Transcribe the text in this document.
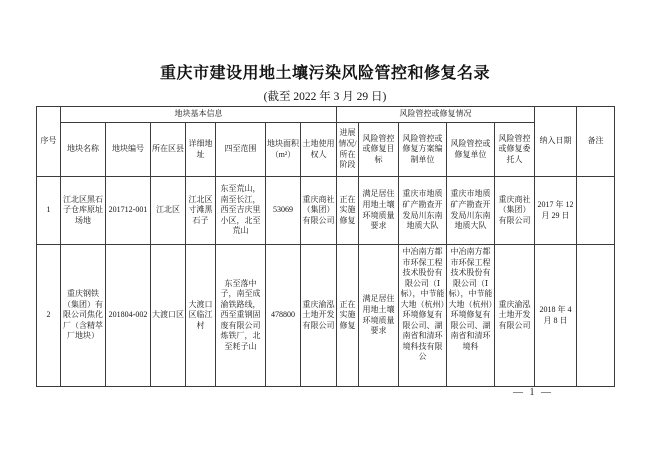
重庆市建设用地土壤污染风险管控和修复名录
(截至 2022 年 3 月 29 日)
序号	地块基本信息							风险管控或修复情况					纳入日期	备注
	地块名称	地块编号	所在区县	详细地址	四至范围	地块面积（m²）	土地使用权人	进展情况/所在阶段	风险管控或修复目标	风险管控或修复方案编制单位	风险管控或修复单位	风险管控或修复委托人		
1	江北区黑石子仓库原址场地	201712-001	江北区	江北区寸滩黑石子	东至荒山，南至长江，西至吉庆里小区，北至荒山	53069	重庆商社（集团）有限公司	正在实施修复	满足居住用地土壤环境质量要求	重庆市地质矿产勘查开发局川东南地质大队	重庆市地质矿产勘查开发局川东南地质大队	重庆商社（集团）有限公司	2017 年 12 月 29 日	
2	重庆钢铁（集团）有限公司焦化厂（含精萃厂地块）	201804-002	大渡口区	大渡口区临江村	东至落中子，南至成渝铁路线，西至重钢固废有限公司炼铁厂，北至耗子山	478800	重庆渝泓土地开发有限公司	正在实施修复	满足居住用地土壤环境质量要求	中冶南方都市环保工程技术股份有限公司（Ⅰ标），中节能大地（杭州）环境修复有限公司、湖南省和清环境科技有限公	中冶南方都市环保工程技术股份有限公司（Ⅰ标），中节能大地（杭州）环境修复有限公司、湖南省和清环境科	重庆渝泓土地开发有限公司	2018 年 4 月 8 日	
— 1 —
